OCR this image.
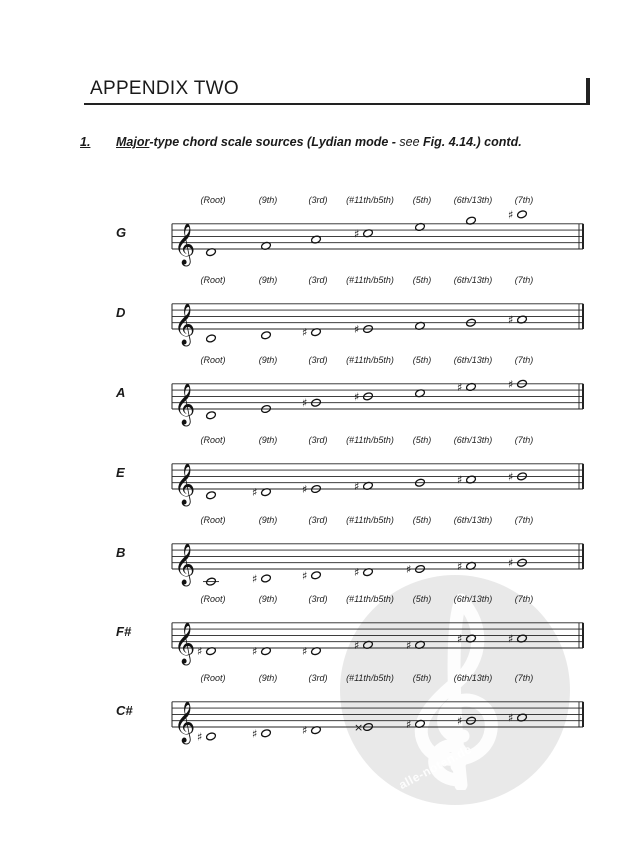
APPENDIX TWO
1. Major-type chord scale sources (Lydian mode - see Fig. 4.14.) contd.
alle-noten.de
G
(Root)	(9th)	(3rd) (#11th/b5th) (5th) (6th/13th) (7th)
𝄞	♯
♯
D
(Root)	(9th)	(3rd) (#11th/b5th) (5th) (6th/13th) (7th)
𝄞	♯	♯
♯
A
(Root)	(9th)	(3rd) (#11th/b5th) (5th) (6th/13th) (7th)
𝄞	♯	♯
♯	♯
E
(Root)	(9th)	(3rd) (#11th/b5th) (5th) (6th/13th) (7th)
𝄞	♯	♯	♯	♯	♯
B
(Root)	(9th)	(3rd) (#11th/b5th) (5th) (6th/13th) (7th)
𝄞	♯	♯	♯	♯	♯	♯
F#
(Root)	(9th)	(3rd) (#11th/b5th) (5th) (6th/13th) (7th)
𝄞 ♯	♯	♯	♯	♯	♯	♯
C#
(Root)	(9th)	(3rd) (#11th/b5th) (5th) (6th/13th) (7th)
𝄞 ♯	♯	♯	×	♯	♯	♯
